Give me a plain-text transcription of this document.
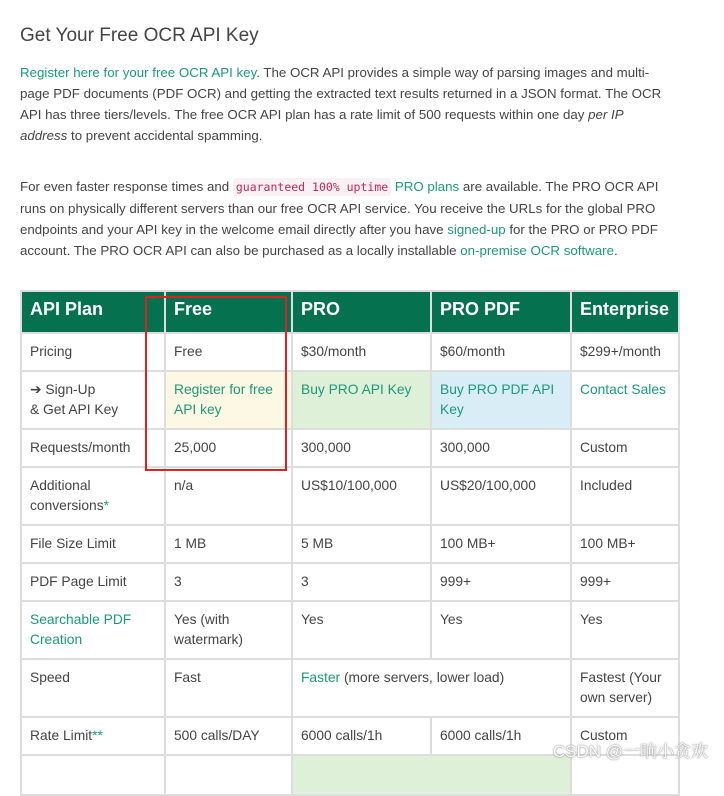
Get Your Free OCR API Key

Register here for your free OCR API key. The OCR API provides a simple way of parsing images and multi-page PDF documents (PDF OCR) and getting the extracted text results returned in a JSON format. The OCR API has three tiers/levels. The free OCR API plan has a rate limit of 500 requests within one day per IP address to prevent accidental spamming.

For even faster response times and guaranteed 100% uptime PRO plans are available. The PRO OCR API runs on physically different servers than our free OCR API service. You receive the URLs for the global PRO endpoints and your API key in the welcome email directly after you have signed-up for the PRO or PRO PDF account. The PRO OCR API can also be purchased as a locally installable on-premise OCR software.

API Plan	Free	PRO	PRO PDF	Enterprise
Pricing	Free	$30/month	$60/month	$299+/month
➔ Sign-Up
& Get API Key	Register for free API key	Buy PRO API Key	Buy PRO PDF API Key	Contact Sales
Requests/month	25,000	300,000	300,000	Custom
Additional conversions*	n/a	US$10/100,000	US$20/100,000	Included
File Size Limit	1 MB	5 MB	100 MB+	100 MB+
PDF Page Limit	3	3	999+	999+
Searchable PDF Creation	Yes (with watermark)	Yes	Yes	Yes
Speed	Fast	Faster (more servers, lower load)		Fastest (Your own server)
Rate Limit**	500 calls/DAY	6000 calls/1h	6000 calls/1h	Custom

CSDN @一晌小贪欢
